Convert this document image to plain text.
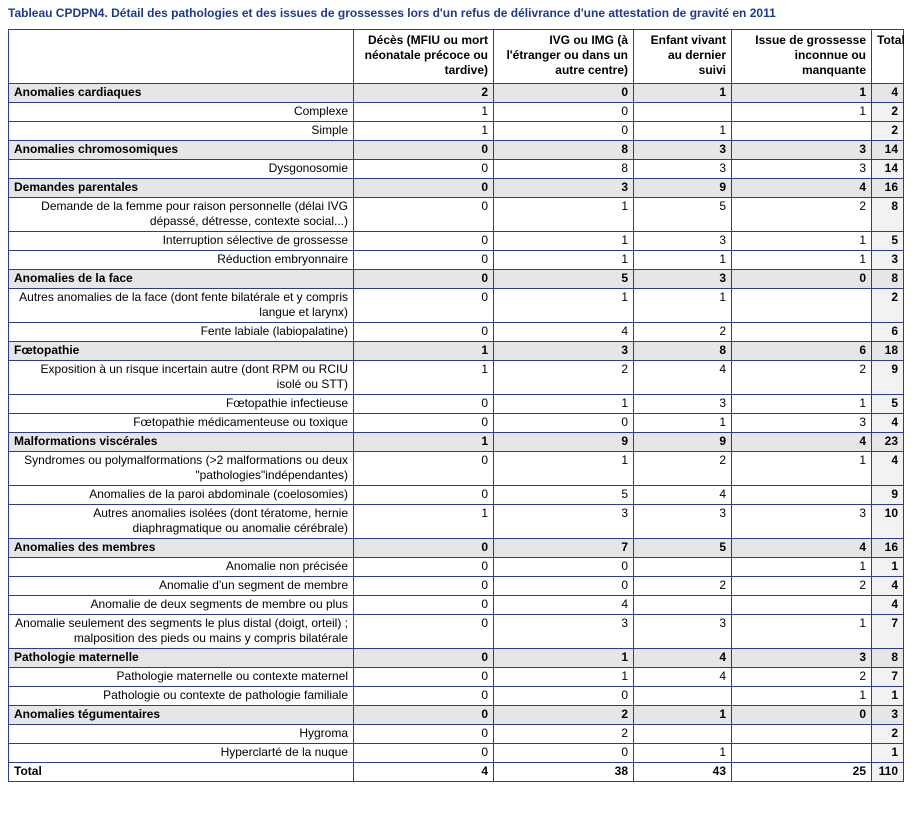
Tableau CPDPN4. Détail des pathologies et des issues de grossesses lors d'un refus de délivrance d'une attestation de gravité en 2011
	Décès (MFIU ou mort néonatale précoce ou tardive)	IVG ou IMG (à l'étranger ou dans un autre centre)	Enfant vivant au dernier suivi	Issue de grossesse inconnue ou manquante	Total
Anomalies cardiaques	2	0	1	1	4
Complexe	1	0		1	2
Simple	1	0	1		2
Anomalies chromosomiques	0	8	3	3	14
Dysgonosomie	0	8	3	3	14
Demandes parentales	0	3	9	4	16
Demande de la femme pour raison personnelle (délai IVG dépassé, détresse, contexte social...)	0	1	5	2	8
Interruption sélective de grossesse	0	1	3	1	5
Réduction embryonnaire	0	1	1	1	3
Anomalies de la face	0	5	3	0	8
Autres anomalies de la face (dont fente bilatérale et y compris langue et larynx)	0	1	1		2
Fente labiale (labiopalatine)	0	4	2		6
Fœtopathie	1	3	8	6	18
Exposition à un risque incertain autre (dont RPM ou RCIU isolé ou STT)	1	2	4	2	9
Fœtopathie infectieuse	0	1	3	1	5
Fœtopathie médicamenteuse ou toxique	0	0	1	3	4
Malformations viscérales	1	9	9	4	23
Syndromes ou polymalformations (>2 malformations ou deux "pathologies"indépendantes)	0	1	2	1	4
Anomalies de la paroi abdominale (coelosomies)	0	5	4		9
Autres anomalies isolées (dont tératome, hernie diaphragmatique ou anomalie cérébrale)	1	3	3	3	10
Anomalies des membres	0	7	5	4	16
Anomalie non précisée	0	0		1	1
Anomalie d'un segment de membre	0	0	2	2	4
Anomalie de deux segments de membre ou plus	0	4			4
Anomalie seulement des segments le plus distal (doigt, orteil) ; malposition des pieds ou mains y compris bilatérale	0	3	3	1	7
Pathologie maternelle	0	1	4	3	8
Pathologie maternelle ou contexte maternel	0	1	4	2	7
Pathologie ou contexte de pathologie familiale	0	0		1	1
Anomalies tégumentaires	0	2	1	0	3
Hygroma	0	2			2
Hyperclarté de la nuque	0	0	1		1
Total	4	38	43	25	110
